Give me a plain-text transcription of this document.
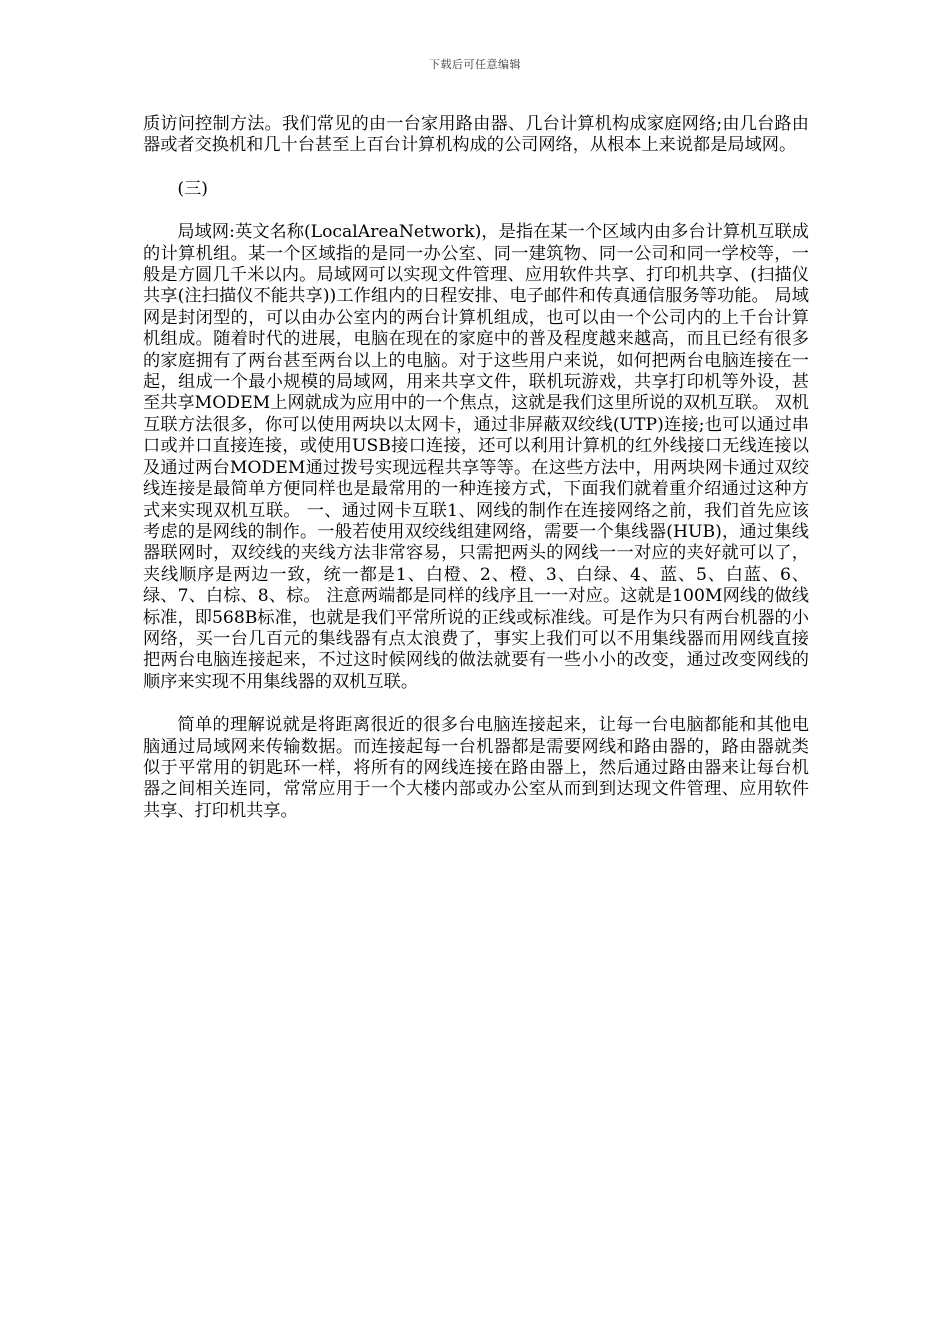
下载后可任意编辑

质访问控制方法。我们常见的由一台家用路由器、几台计算机构成家庭网络;由几台路由器或者交换机和几十台甚至上百台计算机构成的公司网络，从根本上来说都是局域网。

(三)

局域网:英文名称(LocalAreaNetwork)，是指在某一个区域内由多台计算机互联成的计算机组。某一个区域指的是同一办公室、同一建筑物、同一公司和同一学校等，一般是方圆几千米以内。局域网可以实现文件管理、应用软件共享、打印机共享、(扫描仪共享(注扫描仪不能共享))工作组内的日程安排、电子邮件和传真通信服务等功能。 局域网是封闭型的，可以由办公室内的两台计算机组成，也可以由一个公司内的上千台计算机组成。随着时代的进展，电脑在现在的家庭中的普及程度越来越高，而且已经有很多的家庭拥有了两台甚至两台以上的电脑。对于这些用户来说，如何把两台电脑连接在一起，组成一个最小规模的局域网，用来共享文件，联机玩游戏，共享打印机等外设，甚至共享MODEM上网就成为应用中的一个焦点，这就是我们这里所说的双机互联。 双机互联方法很多，你可以使用两块以太网卡，通过非屏蔽双绞线(UTP)连接;也可以通过串口或并口直接连接，或使用USB接口连接，还可以利用计算机的红外线接口无线连接以及通过两台MODEM通过拨号实现远程共享等等。在这些方法中，用两块网卡通过双绞线连接是最简单方便同样也是最常用的一种连接方式，下面我们就着重介绍通过这种方式来实现双机互联。 一、通过网卡互联1、网线的制作在连接网络之前，我们首先应该考虑的是网线的制作。一般若使用双绞线组建网络，需要一个集线器(HUB)，通过集线器联网时，双绞线的夹线方法非常容易，只需把两头的网线一一对应的夹好就可以了，夹线顺序是两边一致，统一都是1、白橙、2、橙、3、白绿、4、蓝、5、白蓝、6、绿、7、白棕、8、棕。 注意两端都是同样的线序且一一对应。这就是100M网线的做线标准，即568B标准，也就是我们平常所说的正线或标准线。可是作为只有两台机器的小网络，买一台几百元的集线器有点太浪费了，事实上我们可以不用集线器而用网线直接把两台电脑连接起来，不过这时候网线的做法就要有一些小小的改变，通过改变网线的顺序来实现不用集线器的双机互联。

简单的理解说就是将距离很近的很多台电脑连接起来，让每一台电脑都能和其他电脑通过局域网来传输数据。而连接起每一台机器都是需要网线和路由器的，路由器就类似于平常用的钥匙环一样，将所有的网线连接在路由器上，然后通过路由器来让每台机器之间相关连同，常常应用于一个大楼内部或办公室从而到到达现文件管理、应用软件共享、打印机共享。
